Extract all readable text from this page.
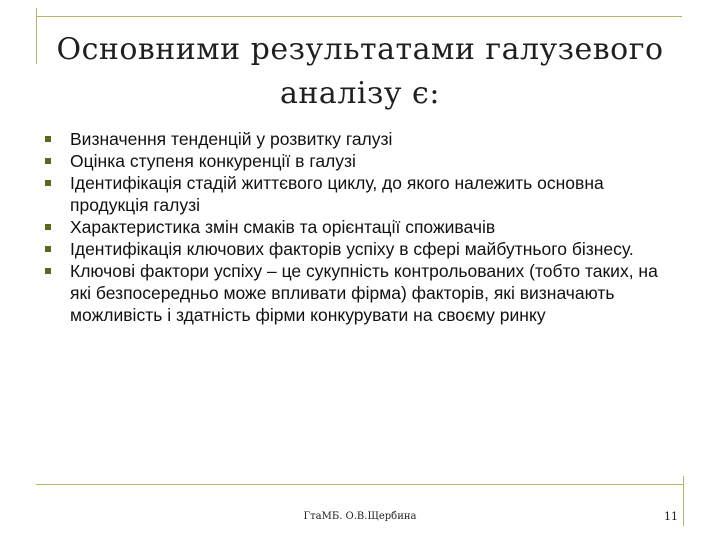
Основними результатами галузевого аналізу є:
Визначення тенденцій у розвитку галузі
Оцінка ступеня конкуренції в галузі
Ідентифікація стадій життєвого циклу, до якого належить основна продукція галузі
Характеристика змін смаків та орієнтації споживачів
Ідентифікація ключових факторів успіху в сфері майбутнього бізнесу.
Ключові фактори успіху – це сукупність контрольованих (тобто таких, на які безпосередньо може впливати фірма) факторів, які визначають можливість і здатність фірми конкурувати на своєму ринку
ГтаМБ. О.В.Щербина	11
